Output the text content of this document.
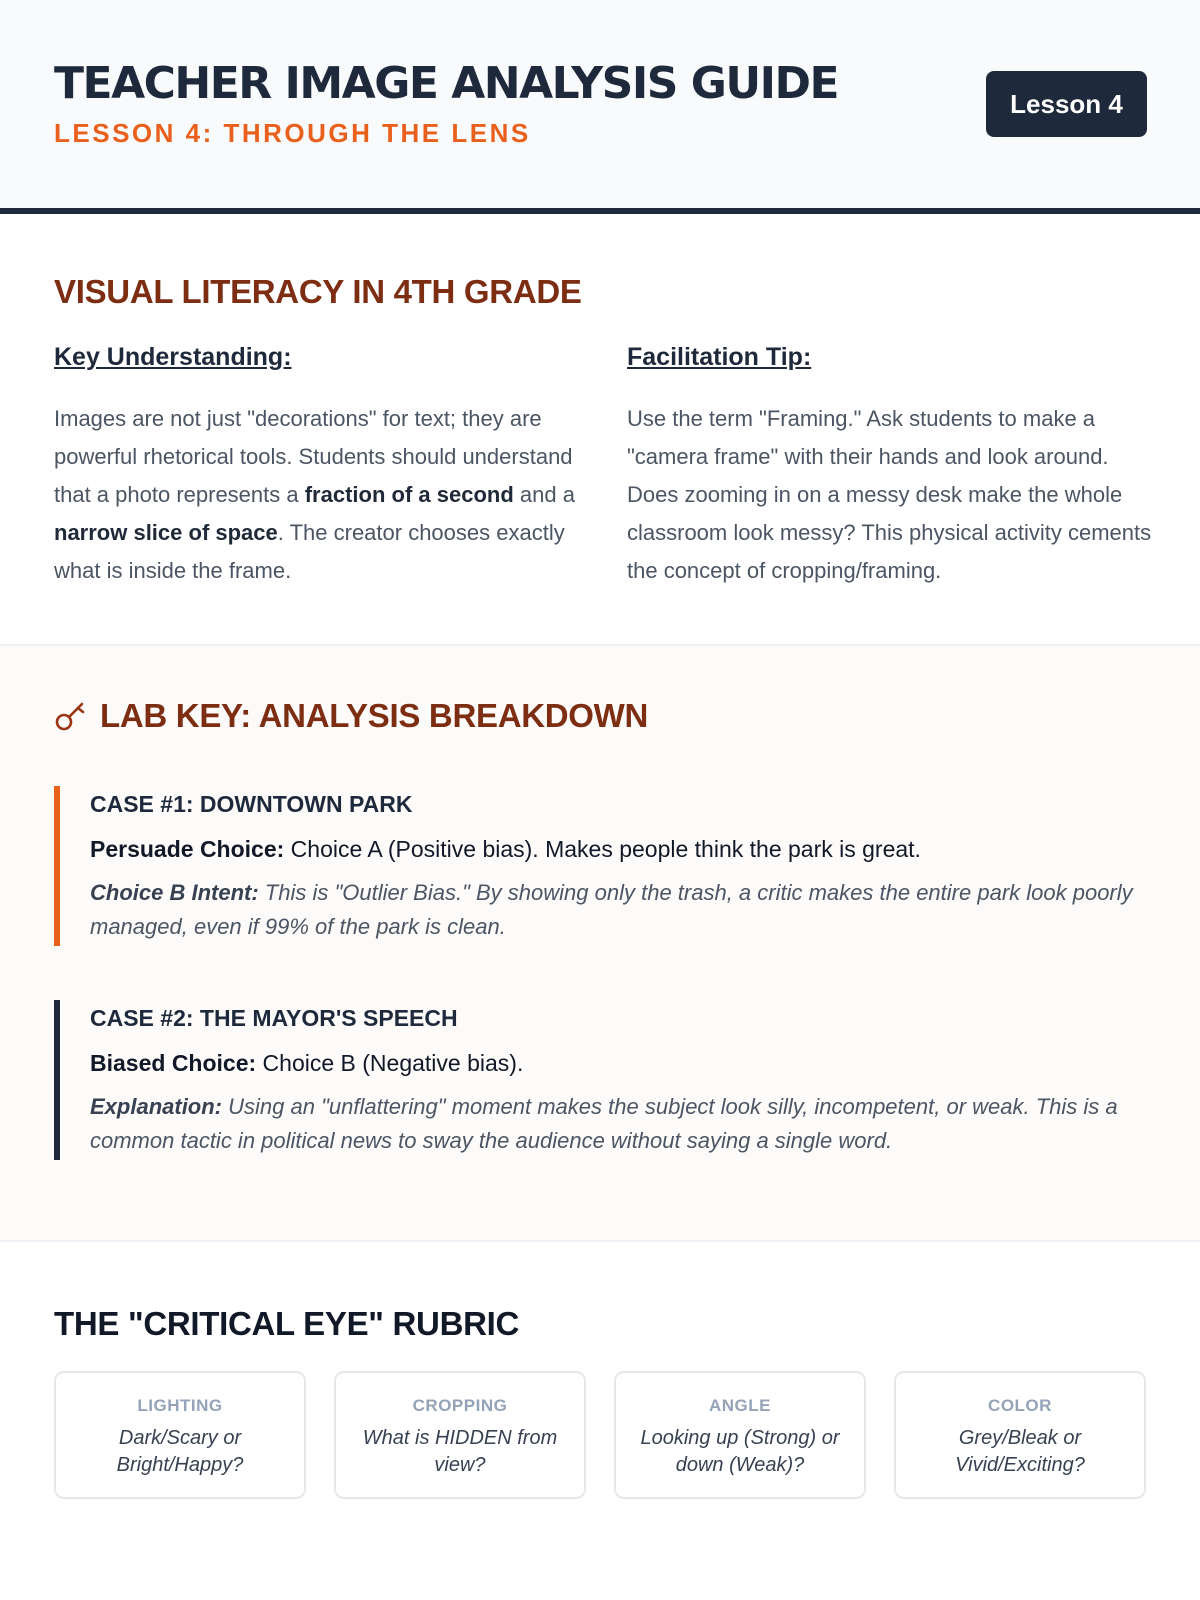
TEACHER IMAGE ANALYSIS GUIDE
LESSON 4: THROUGH THE LENS
Lesson 4
VISUAL LITERACY IN 4TH GRADE
Key Understanding:
Images are not just "decorations" for text; they are powerful rhetorical tools. Students should understand that a photo represents a fraction of a second and a narrow slice of space. The creator chooses exactly what is inside the frame.
Facilitation Tip:
Use the term "Framing." Ask students to make a "camera frame" with their hands and look around. Does zooming in on a messy desk make the whole classroom look messy? This physical activity cements the concept of cropping/framing.
LAB KEY: ANALYSIS BREAKDOWN
CASE #1: DOWNTOWN PARK
Persuade Choice: Choice A (Positive bias). Makes people think the park is great.
Choice B Intent: This is "Outlier Bias." By showing only the trash, a critic makes the entire park look poorly managed, even if 99% of the park is clean.
CASE #2: THE MAYOR'S SPEECH
Biased Choice: Choice B (Negative bias).
Explanation: Using an "unflattering" moment makes the subject look silly, incompetent, or weak. This is a common tactic in political news to sway the audience without saying a single word.
THE "CRITICAL EYE" RUBRIC
LIGHTING
Dark/Scary or Bright/Happy?
CROPPING
What is HIDDEN from view?
ANGLE
Looking up (Strong) or down (Weak)?
COLOR
Grey/Bleak or Vivid/Exciting?
